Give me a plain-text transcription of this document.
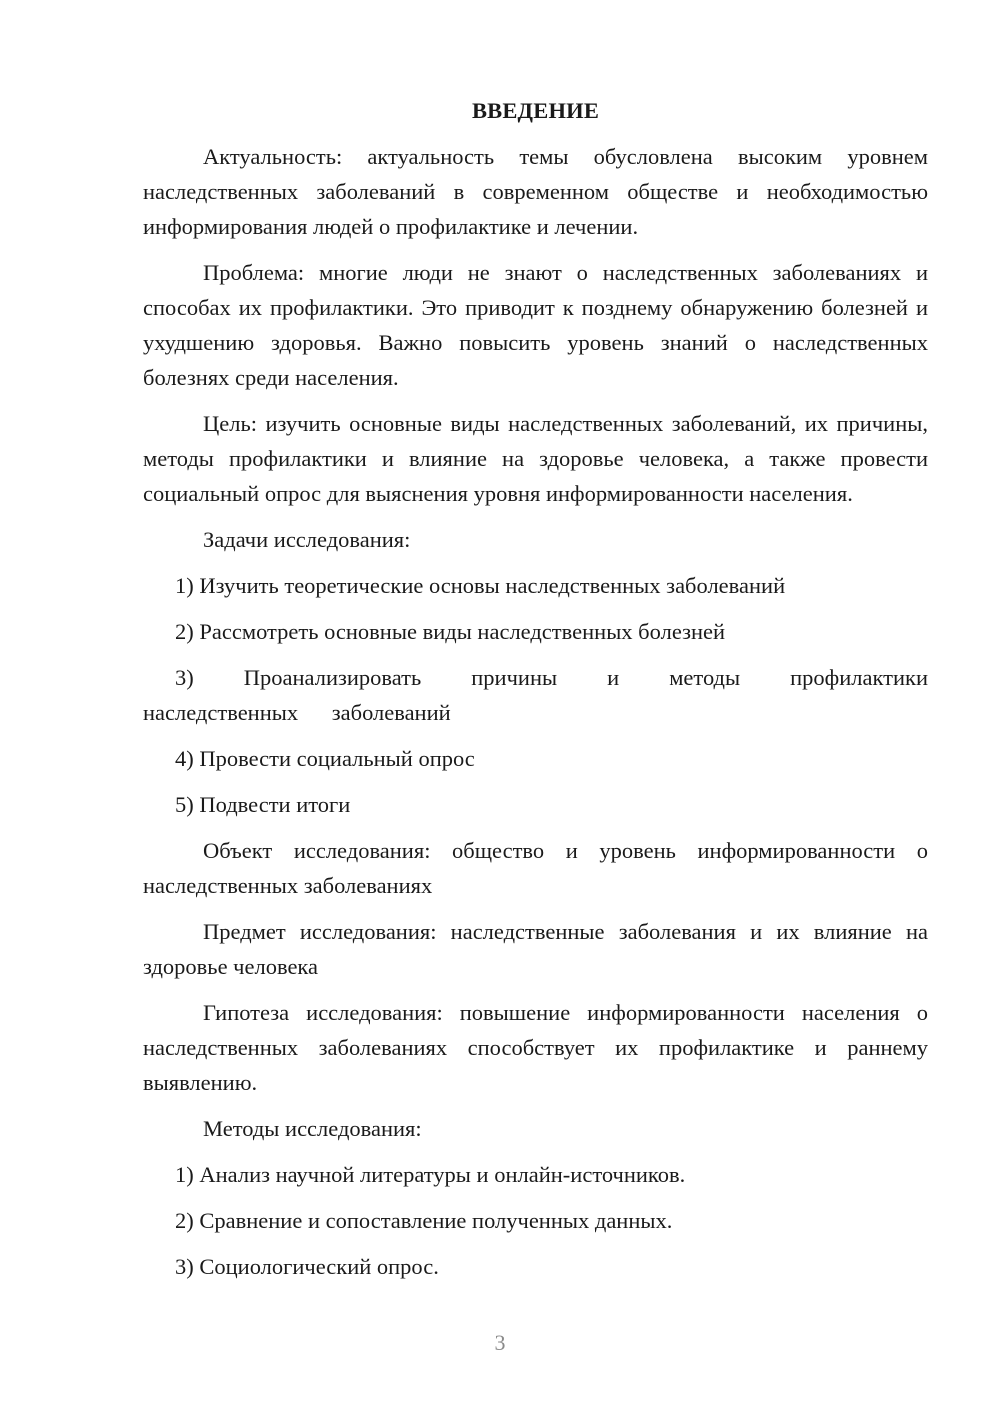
ВВЕДЕНИЕ

Актуальность: актуальность темы обусловлена высоким уровнем наследственных заболеваний в современном обществе и необходимостью информирования людей о профилактике и лечении.

Проблема: многие люди не знают о наследственных заболеваниях и способах их профилактики. Это приводит к позднему обнаружению болезней и ухудшению здоровья. Важно повысить уровень знаний о наследственных болезнях среди населения.

Цель: изучить основные виды наследственных заболеваний, их причины, методы профилактики и влияние на здоровье человека, а также провести социальный опрос для выяснения уровня информированности населения.

Задачи исследования:

1) Изучить теоретические основы наследственных заболеваний

2) Рассмотреть основные виды наследственных болезней

3) Проанализировать причины и методы профилактики наследственных заболеваний

4) Провести социальный опрос

5) Подвести итоги

Объект исследования: общество и уровень информированности о наследственных заболеваниях

Предмет исследования: наследственные заболевания и их влияние на здоровье человека

Гипотеза исследования: повышение информированности населения о наследственных заболеваниях способствует их профилактике и раннему выявлению.

Методы исследования:

1) Анализ научной литературы и онлайн-источников.

2) Сравнение и сопоставление полученных данных.

3) Социологический опрос.

3
